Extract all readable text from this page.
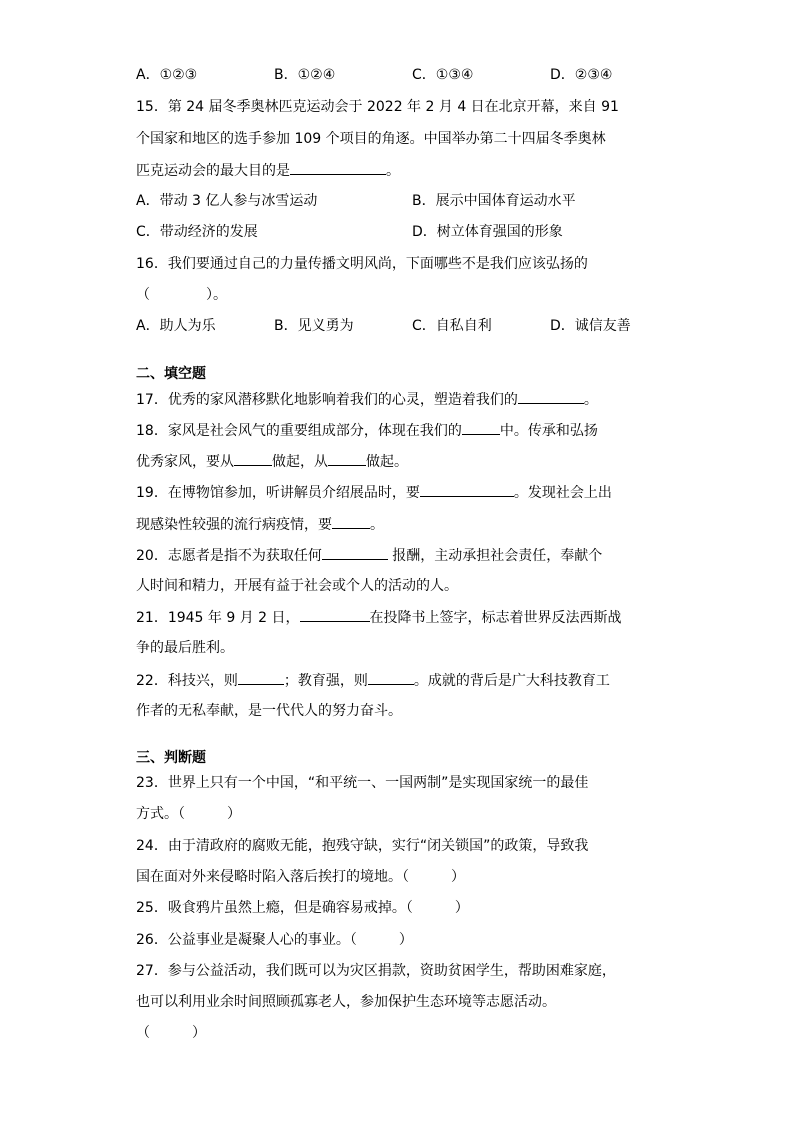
A．①②③	B．①②④	C．①③④	D．②③④
15．第 24 届冬季奥林匹克运动会于 2022 年 2 月 4 日在北京开幕，来自 91
个国家和地区的选手参加 109 个项目的角逐。中国举办第二十四届冬季奥林
匹克运动会的最大目的是	。
A．带动 3 亿人参与冰雪运动	B．展示中国体育运动水平
C．带动经济的发展	D．树立体育强国的形象
16．我们要通过自己的力量传播文明风尚，下面哪些不是我们应该弘扬的
（　　　　）。
A．助人为乐	B．见义勇为	C．自私自利	D．诚信友善
二、填空题
17．优秀的家风潜移默化地影响着我们的心灵，塑造着我们的	。
18．家风是社会风气的重要组成部分，体现在我们的	中。传承和弘扬
优秀家风，要从	做起，从	做起。
19．在博物馆参加，听讲解员介绍展品时，要	。发现社会上出
现感染性较强的流行病疫情，要	。
20．志愿者是指不为获取任何	报酬，主动承担社会责任，奉献个
人时间和精力，开展有益于社会或个人的活动的人。
21．1945 年 9 月 2 日，	在投降书上签字，标志着世界反法西斯战
争的最后胜利。
22．科技兴，则	；教育强，则	。成就的背后是广大科技教育工
作者的无私奉献，是一代代人的努力奋斗。
三、判断题
23．世界上只有一个中国，“和平统一、一国两制”是实现国家统一的最佳
方式。（　　　）
24．由于清政府的腐败无能，抱残守缺，实行“闭关锁国”的政策，导致我
国在面对外来侵略时陷入落后挨打的境地。（　　　）
25．吸食鸦片虽然上瘾，但是确容易戒掉。（　　　）
26．公益事业是凝聚人心的事业。（　　　）
27．参与公益活动，我们既可以为灾区捐款，资助贫困学生，帮助困难家庭，
也可以利用业余时间照顾孤寡老人，参加保护生态环境等志愿活动。
（　　　）
